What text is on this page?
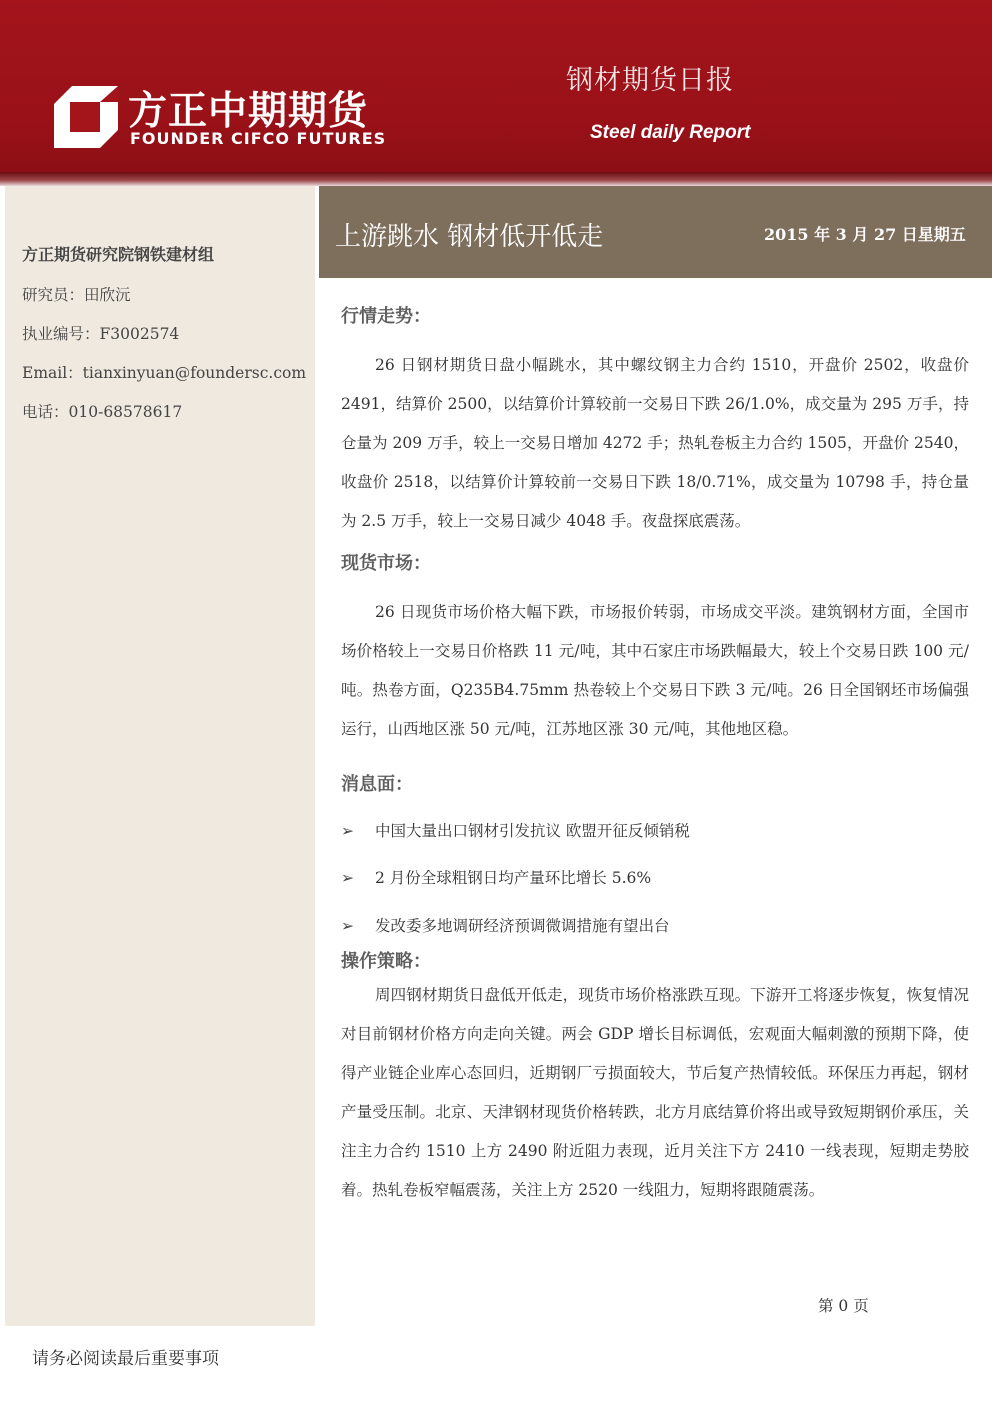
方正中期期货
FOUNDER CIFCO FUTURES
钢材期货日报
Steel daily Report
方正期货研究院钢铁建材组
研究员：田欣沅
执业编号：F3002574
Email：tianxinyuan@foundersc.com
电话：010-68578617
上游跳水 钢材低开低走	2015 年 3 月 27 日星期五
行情走势：

26 日钢材期货日盘小幅跳水，其中螺纹钢主力合约 1510，开盘价 2502，收盘价 2491，结算价 2500，以结算价计算较前一交易日下跌 26/1.0%，成交量为 295 万手，持仓量为 209 万手，较上一交易日增加 4272 手；热轧卷板主力合约 1505，开盘价 2540，收盘价 2518，以结算价计算较前一交易日下跌 18/0.71%，成交量为 10798 手，持仓量为 2.5 万手，较上一交易日减少 4048 手。夜盘探底震荡。

现货市场：

26 日现货市场价格大幅下跌，市场报价转弱，市场成交平淡。建筑钢材方面，全国市场价格较上一交易日价格跌 11 元/吨，其中石家庄市场跌幅最大，较上个交易日跌 100 元/吨。热卷方面，Q235B4.75mm 热卷较上个交易日下跌 3 元/吨。26 日全国钢坯市场偏强运行，山西地区涨 50 元/吨，江苏地区涨 30 元/吨，其他地区稳。

消息面：
➢ 中国大量出口钢材引发抗议 欧盟开征反倾销税
➢ 2 月份全球粗钢日均产量环比增长 5.6%
➢ 发改委多地调研经济预调微调措施有望出台
操作策略：

周四钢材期货日盘低开低走，现货市场价格涨跌互现。下游开工将逐步恢复，恢复情况对目前钢材价格方向走向关键。两会 GDP 增长目标调低，宏观面大幅刺激的预期下降，使得产业链企业库心态回归，近期钢厂亏损面较大，节后复产热情较低。环保压力再起，钢材产量受压制。北京、天津钢材现货价格转跌，北方月底结算价将出或导致短期钢价承压，关注主力合约 1510 上方 2490 附近阻力表现，近月关注下方 2410 一线表现，短期走势胶着。热轧卷板窄幅震荡，关注上方 2520 一线阻力，短期将跟随震荡。

第 0 页
请务必阅读最后重要事项
